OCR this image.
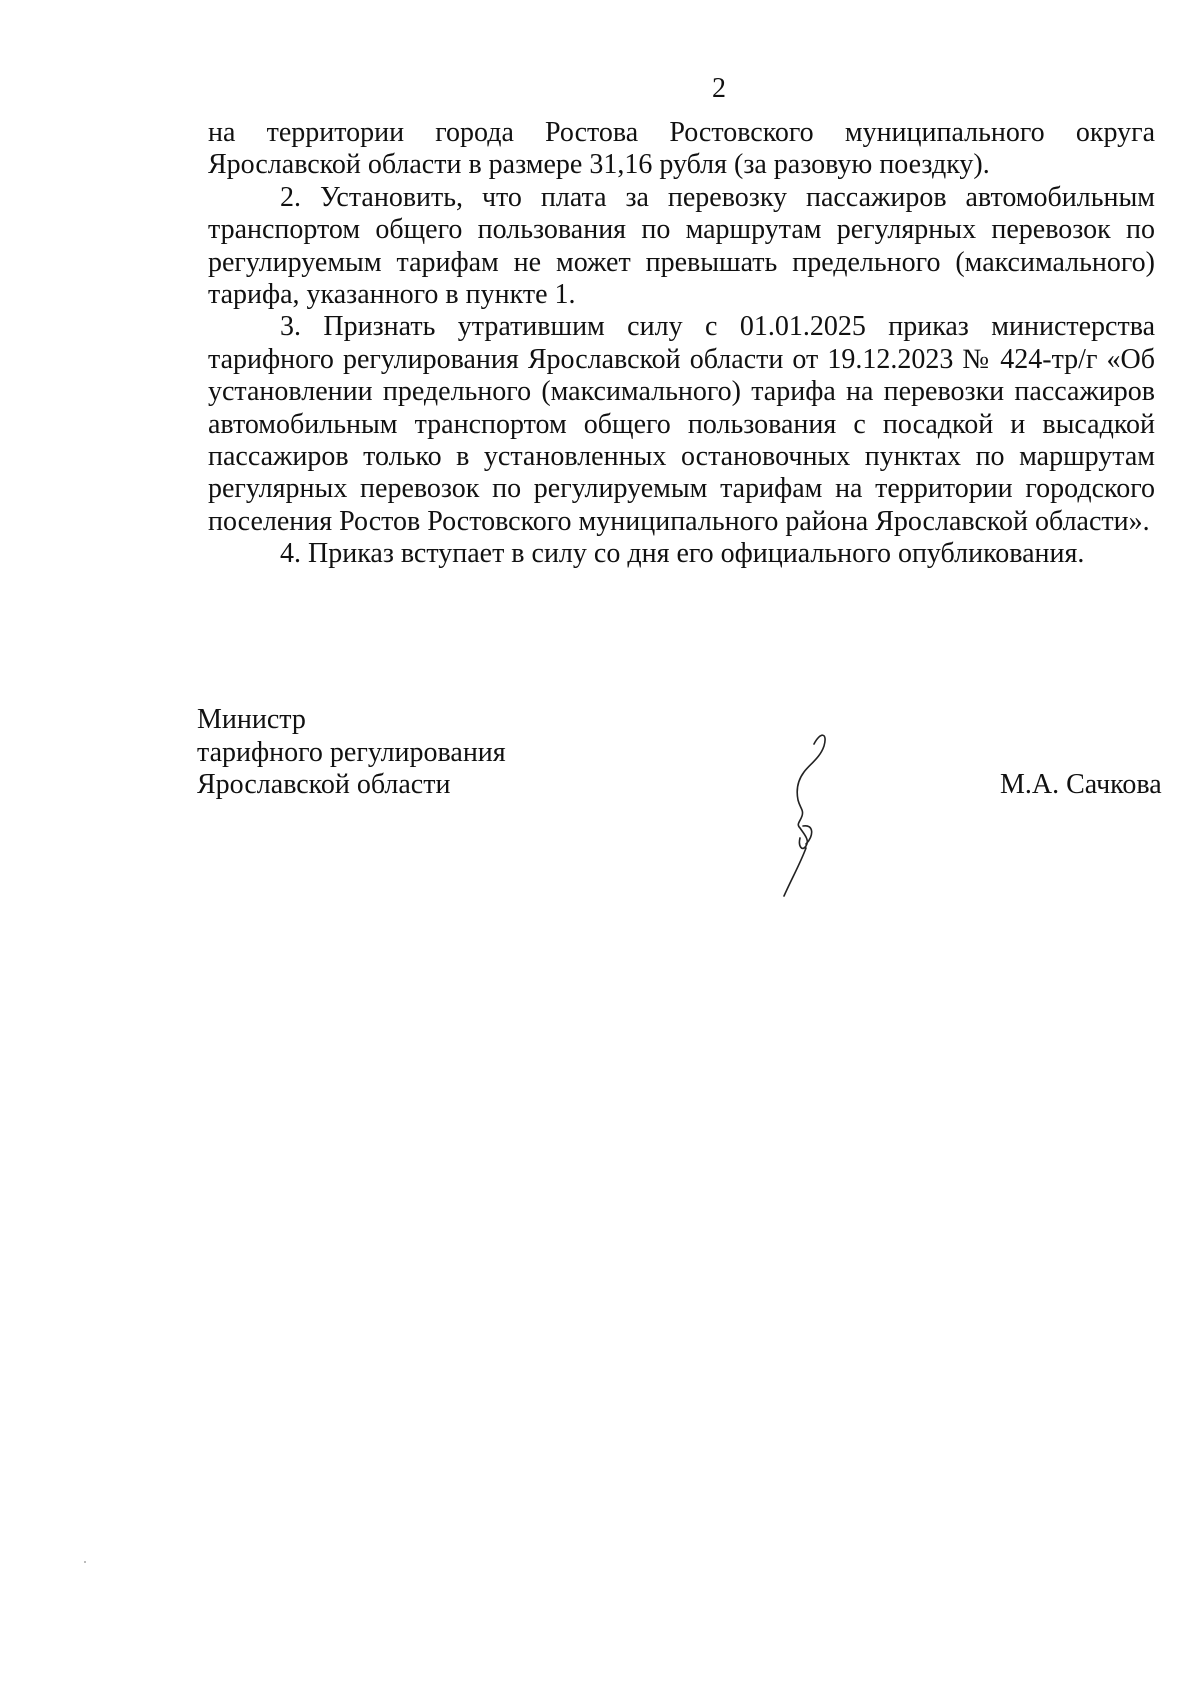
2

на территории города Ростова Ростовского муниципального округа Ярославской области в размере 31,16 рубля (за разовую поездку).

2. Установить, что плата за перевозку пассажиров автомобильным транспортом общего пользования по маршрутам регулярных перевозок по регулируемым тарифам не может превышать предельного (максимального) тарифа, указанного в пункте 1.

3. Признать утратившим силу с 01.01.2025 приказ министерства тарифного регулирования Ярославской области от 19.12.2023 № 424-тр/г «Об установлении предельного (максимального) тарифа на перевозки пассажиров автомобильным транспортом общего пользования с посадкой и высадкой пассажиров только в установленных остановочных пунктах по маршрутам регулярных перевозок по регулируемым тарифам на территории городского поселения Ростов Ростовского муниципального района Ярославской области».

4. Приказ вступает в силу со дня его официального опубликования.

Министр
тарифного регулирования
Ярославской области	М.А. Сачкова
